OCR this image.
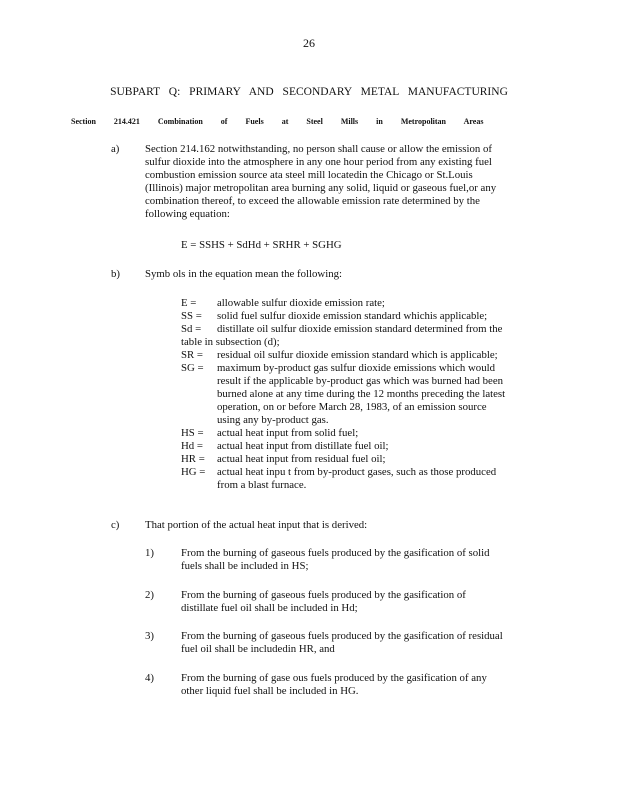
26
SUBPART Q: PRIMARY AND SECONDARY METAL MANUFACTURING
Section 214.421 Combination of Fuels at Steel Mills in Metropolitan Areas
a) Section 214.162 notwithstanding, no person shall cause or allow the emission of
sulfur dioxide into the atmosphere in any one hour period from any existing fuel
combustion emission source ata steel mill locatedin the Chicago or St.Louis
(Illinois) major metropolitan area burning any solid, liquid or gaseous fuel,or any
combination thereof, to exceed the allowable emission rate determined by the
following equation:
E = SSHS + SdHd + SRHR + SGHG
b) Symb ols in the equation mean the following:
E = allowable sulfur dioxide emission rate;
SS = solid fuel sulfur dioxide emission standard whichis applicable;
Sd = distillate oil sulfur dioxide emission standard determined from the
table in subsection (d);
SR = residual oil sulfur dioxide emission standard which is applicable;
SG = maximum by-product gas sulfur dioxide emissions which would
result if the applicable by-product gas which was burned had been
burned alone at any time during the 12 months preceding the latest
operation, on or before March 28, 1983, of an emission source
using any by-product gas.
HS = actual heat input from solid fuel;
Hd = actual heat input from distillate fuel oil;
HR = actual heat input from residual fuel oil;
HG = actual heat inpu t from by-product gases, such as those produced
from a blast furnace.
c) That portion of the actual heat input that is derived:
1)	From the burning of gaseous fuels produced by the gasification of solid
fuels shall be included in HS;
2)	From the burning of gaseous fuels produced by the gasification of
distillate fuel oil shall be included in Hd;
3)	From the burning of gaseous fuels produced by the gasification of residual
fuel oil shall be includedin HR, and
4)	From the burning of gase ous fuels produced by the gasification of any
other liquid fuel shall be included in HG.
